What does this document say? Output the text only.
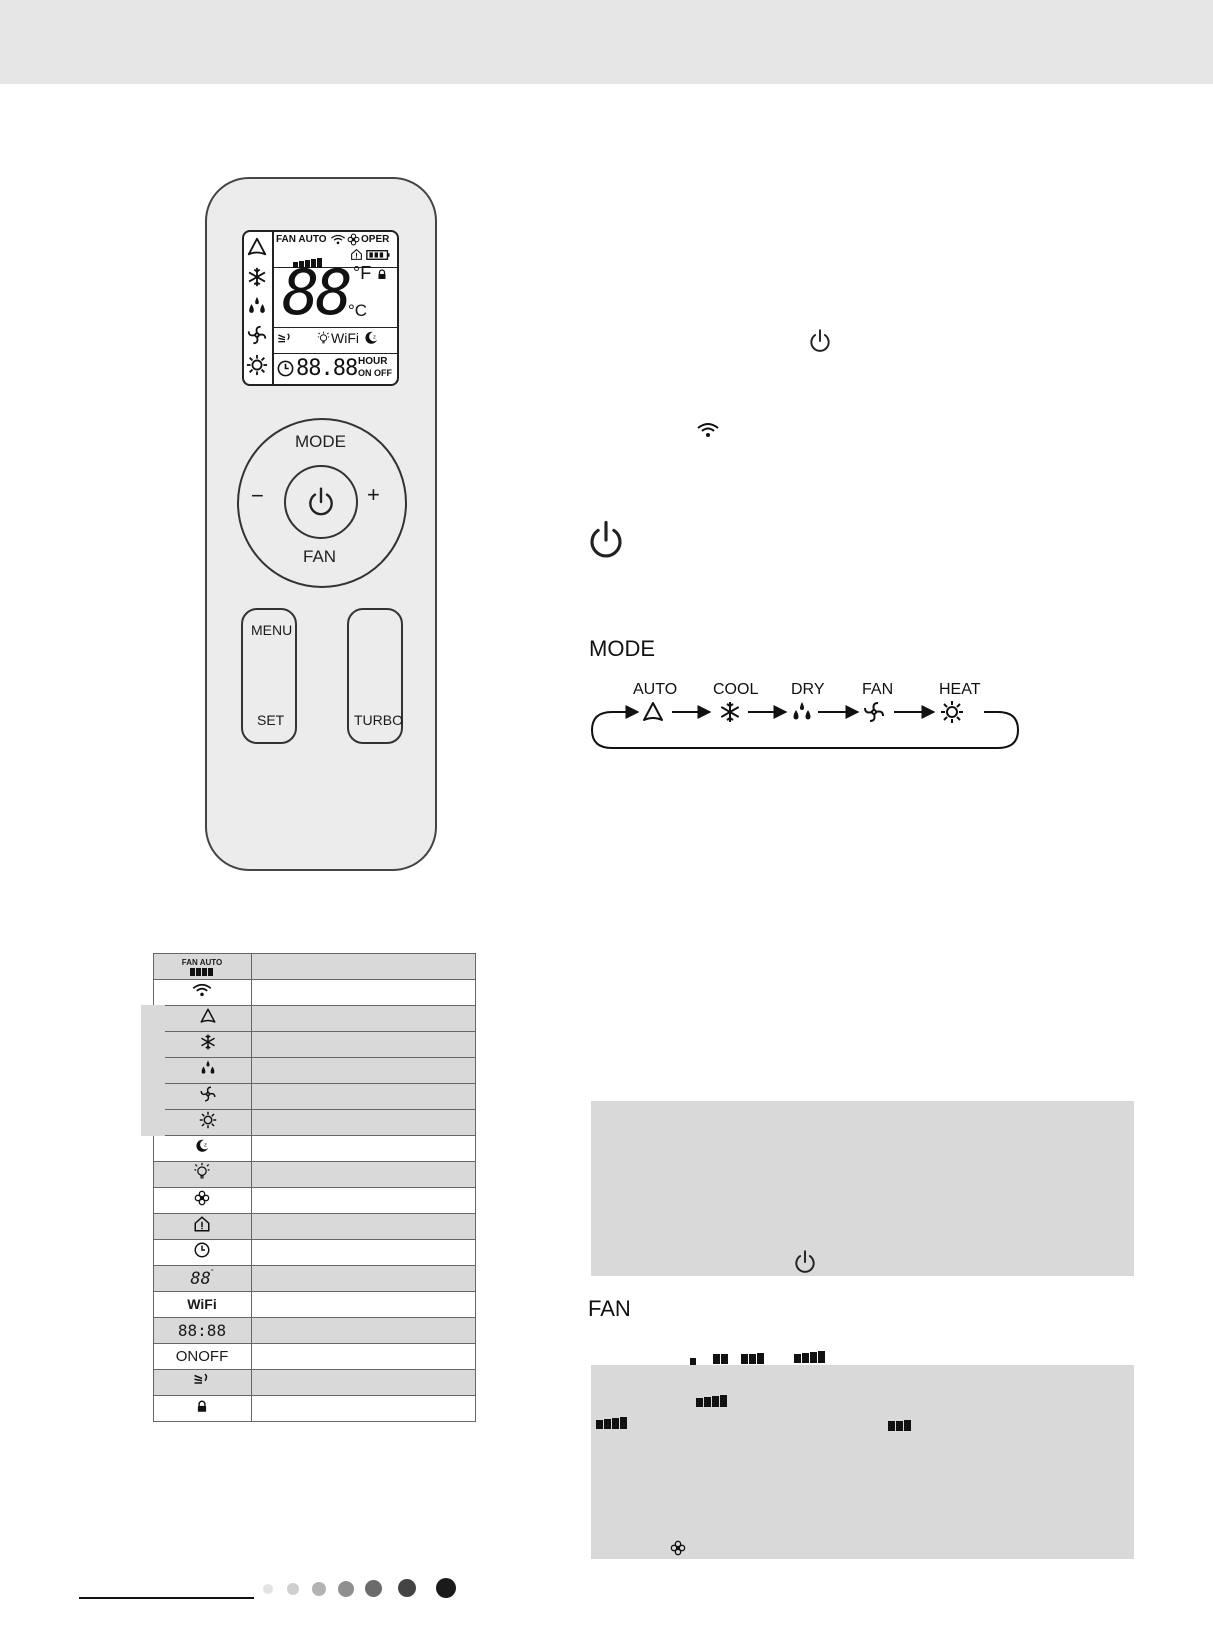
FAN AUTO	OPER
88 °F
°C
WiFi
88.88 HOUR
ON OFF
MODE
FAN
−	+
MENU
SET	TURBO
MODE
AUTO COOL DRY FAN	HEAT
FAN
FAN AUTO	

88°	
WiFi	
88:88	
ONOFF	
